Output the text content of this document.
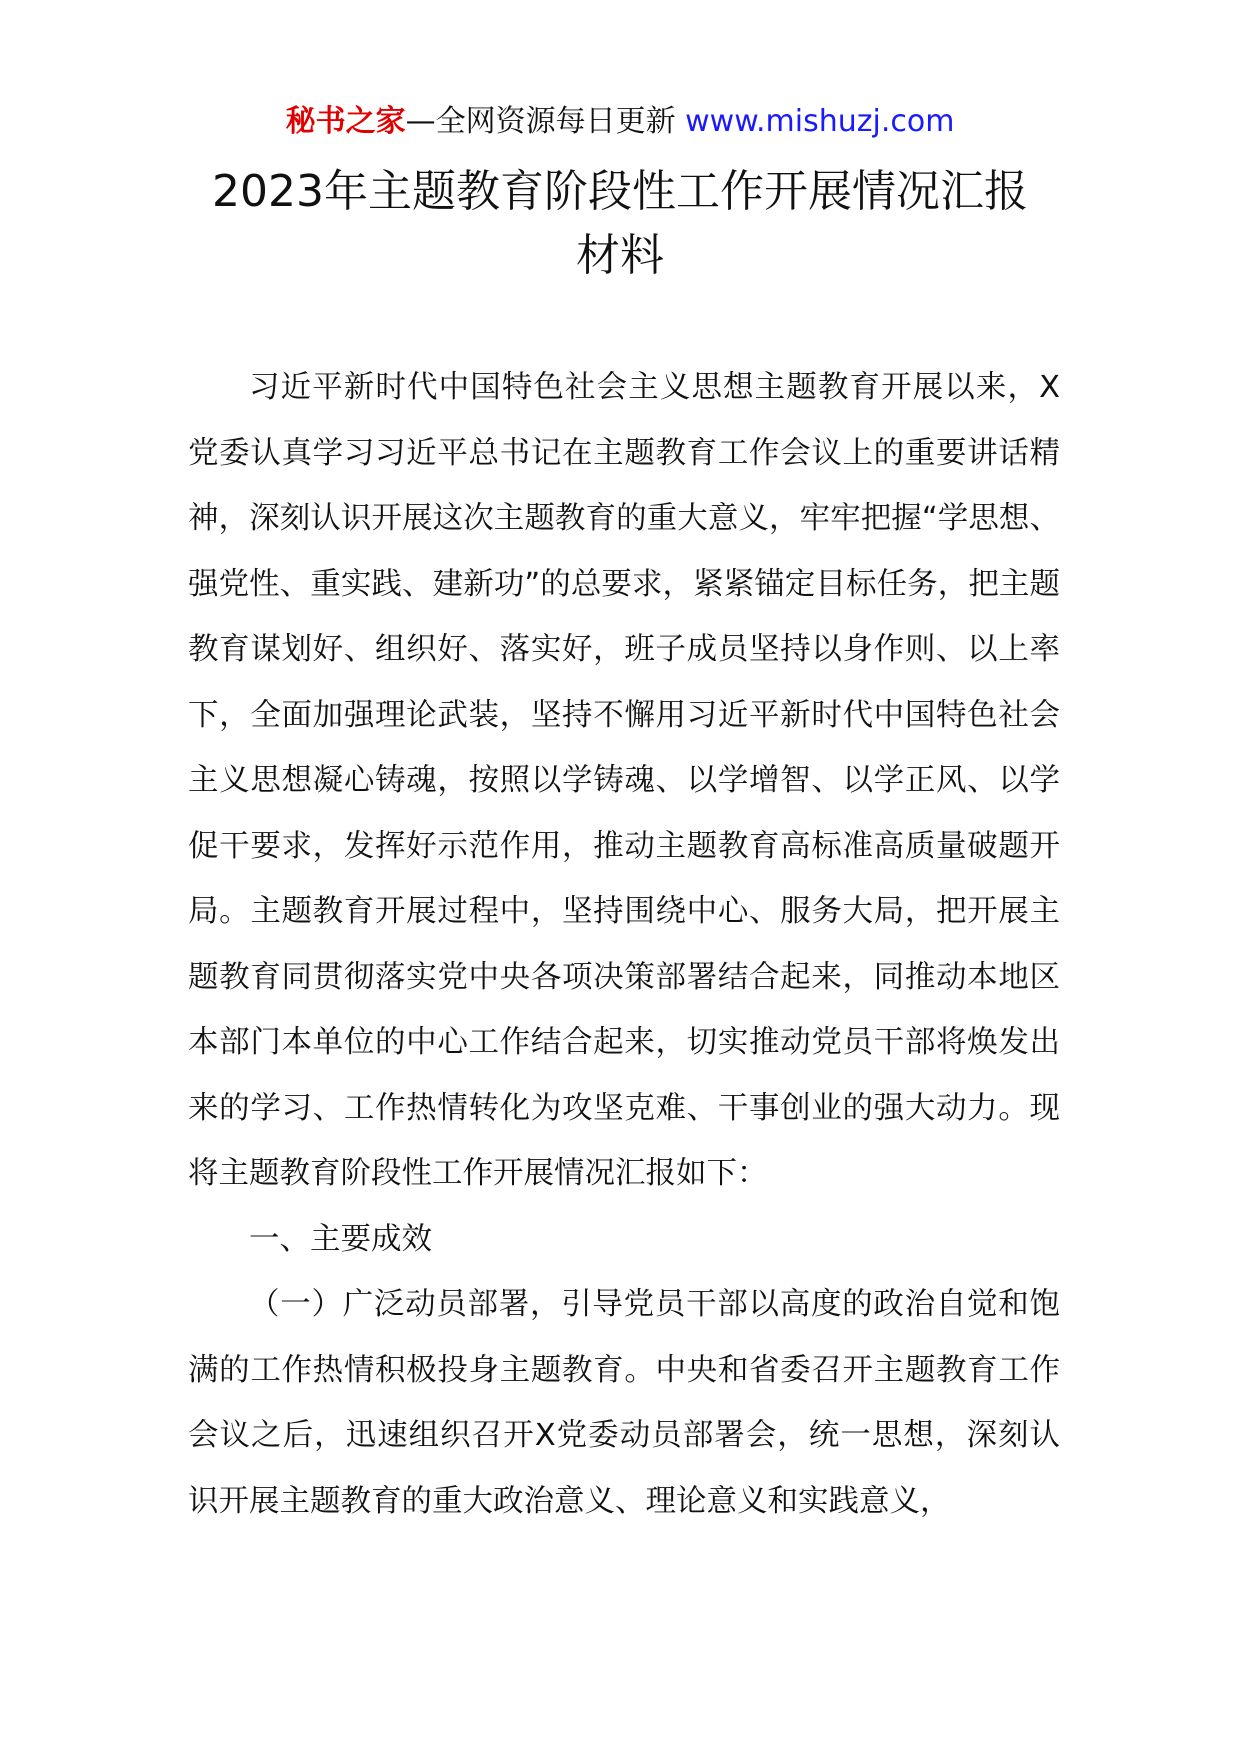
秘书之家—全网资源每日更新 www.mishuzj.com
2023年主题教育阶段性工作开展情况汇报
材料

习近平新时代中国特色社会主义思想主题教育开展以来，X党委认真学习习近平总书记在主题教育工作会议上的重要讲话精神，深刻认识开展这次主题教育的重大意义，牢牢把握“学思想、强党性、重实践、建新功”的总要求，紧紧锚定目标任务，把主题教育谋划好、组织好、落实好，班子成员坚持以身作则、以上率下，全面加强理论武装，坚持不懈用习近平新时代中国特色社会主义思想凝心铸魂，按照以学铸魂、以学增智、以学正风、以学促干要求，发挥好示范作用，推动主题教育高标准高质量破题开局。主题教育开展过程中，坚持围绕中心、服务大局，把开展主题教育同贯彻落实党中央各项决策部署结合起来，同推动本地区本部门本单位的中心工作结合起来，切实推动党员干部将焕发出来的学习、工作热情转化为攻坚克难、干事创业的强大动力。现将主题教育阶段性工作开展情况汇报如下：

一、主要成效

（一）广泛动员部署，引导党员干部以高度的政治自觉和饱满的工作热情积极投身主题教育。中央和省委召开主题教育工作会议之后，迅速组织召开X党委动员部署会，统一思想，深刻认识开展主题教育的重大政治意义、理论意义和实践意义，
